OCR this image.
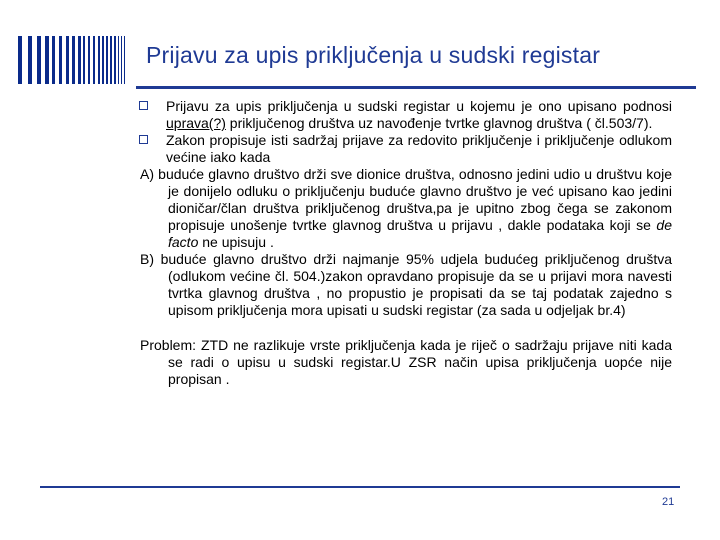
Prijavu za upis priključenja u sudski registar
Prijavu za upis priključenja u sudski registar u kojemu je ono upisano podnosi uprava(?) priključenog društva uz navođenje tvrtke glavnog društva ( čl.503/7).
Zakon propisuje isti sadržaj prijave za redovito priključenje i priključenje odlukom većine iako kada
A) buduće glavno društvo drži sve dionice društva, odnosno jedini udio u društvu koje je donijelo odluku o priključenju buduće glavno društvo je već upisano kao jedini dioničar/član društva priključenog društva,pa je upitno zbog čega se zakonom propisuje unošenje tvrtke glavnog društva u prijavu , dakle podataka koji se de facto ne upisuju .
B) buduće glavno društvo drži najmanje 95% udjela budućeg priključenog društva (odlukom većine čl. 504.)zakon opravdano propisuje da se u prijavi mora navesti tvrtka glavnog društva , no propustio je propisati da se taj podatak zajedno s upisom priključenja mora upisati u sudski registar (za sada u odjeljak br.4)
Problem: ZTD ne razlikuje vrste priključenja kada je riječ o sadržaju prijave niti kada se radi o upisu u sudski registar.U ZSR način upisa priključenja uopće nije propisan .
21
